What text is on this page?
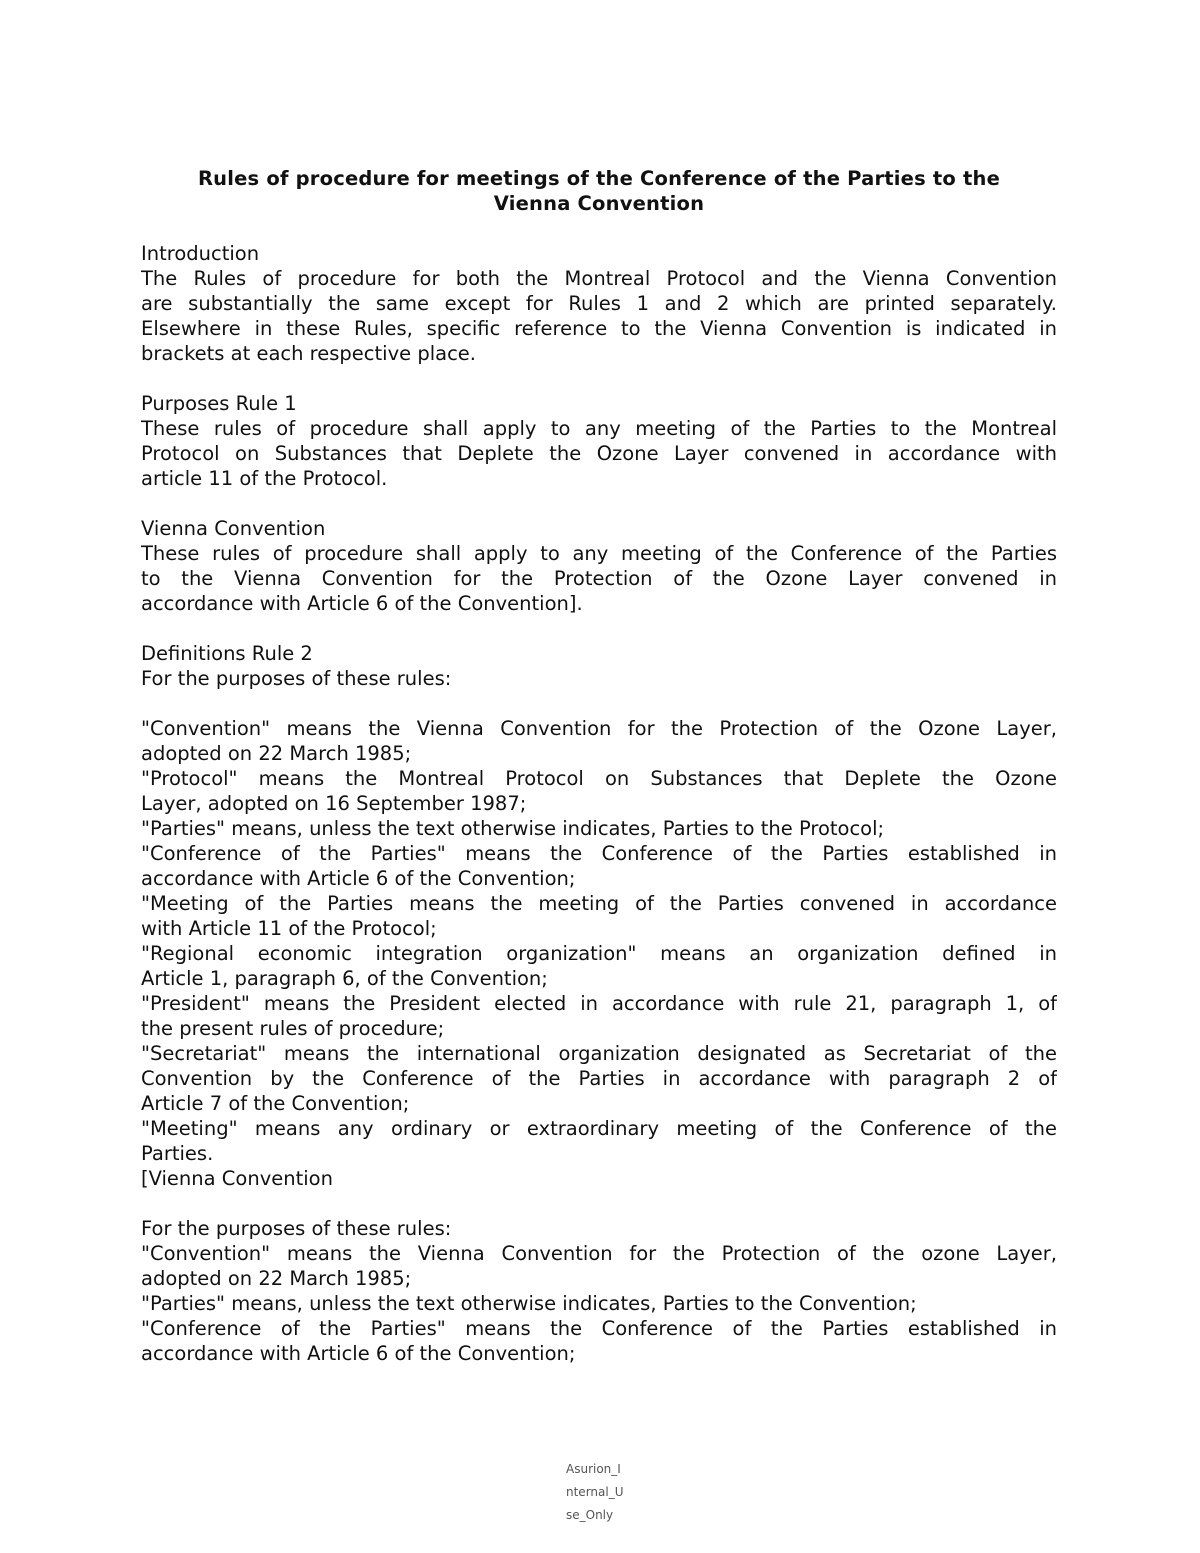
Rules of procedure for meetings of the Conference of the Parties to the
Vienna Convention
Introduction
The Rules of procedure for both the Montreal Protocol and the Vienna Convention
are substantially the same except for Rules 1 and 2 which are printed separately.
Elsewhere in these Rules, specific reference to the Vienna Convention is indicated in
brackets at each respective place.
Purposes Rule 1
These rules of procedure shall apply to any meeting of the Parties to the Montreal
Protocol on Substances that Deplete the Ozone Layer convened in accordance with
article 11 of the Protocol.
Vienna Convention
These rules of procedure shall apply to any meeting of the Conference of the Parties
to the Vienna Convention for the Protection of the Ozone Layer convened in
accordance with Article 6 of the Convention].
Definitions Rule 2
For the purposes of these rules:
"Convention" means the Vienna Convention for the Protection of the Ozone Layer,
adopted on 22 March 1985;
"Protocol" means the Montreal Protocol on Substances that Deplete the Ozone
Layer, adopted on 16 September 1987;
"Parties" means, unless the text otherwise indicates, Parties to the Protocol;
"Conference of the Parties" means the Conference of the Parties established in
accordance with Article 6 of the Convention;
"Meeting of the Parties means the meeting of the Parties convened in accordance
with Article 11 of the Protocol;
"Regional economic integration organization" means an organization defined in
Article 1, paragraph 6, of the Convention;
"President" means the President elected in accordance with rule 21, paragraph 1, of
the present rules of procedure;
"Secretariat" means the international organization designated as Secretariat of the
Convention by the Conference of the Parties in accordance with paragraph 2 of
Article 7 of the Convention;
"Meeting" means any ordinary or extraordinary meeting of the Conference of the
Parties.
[Vienna Convention
For the purposes of these rules:
"Convention" means the Vienna Convention for the Protection of the ozone Layer,
adopted on 22 March 1985;
"Parties" means, unless the text otherwise indicates, Parties to the Convention;
"Conference of the Parties" means the Conference of the Parties established in
accordance with Article 6 of the Convention;
Asurion_I
nternal_U
se_Only
